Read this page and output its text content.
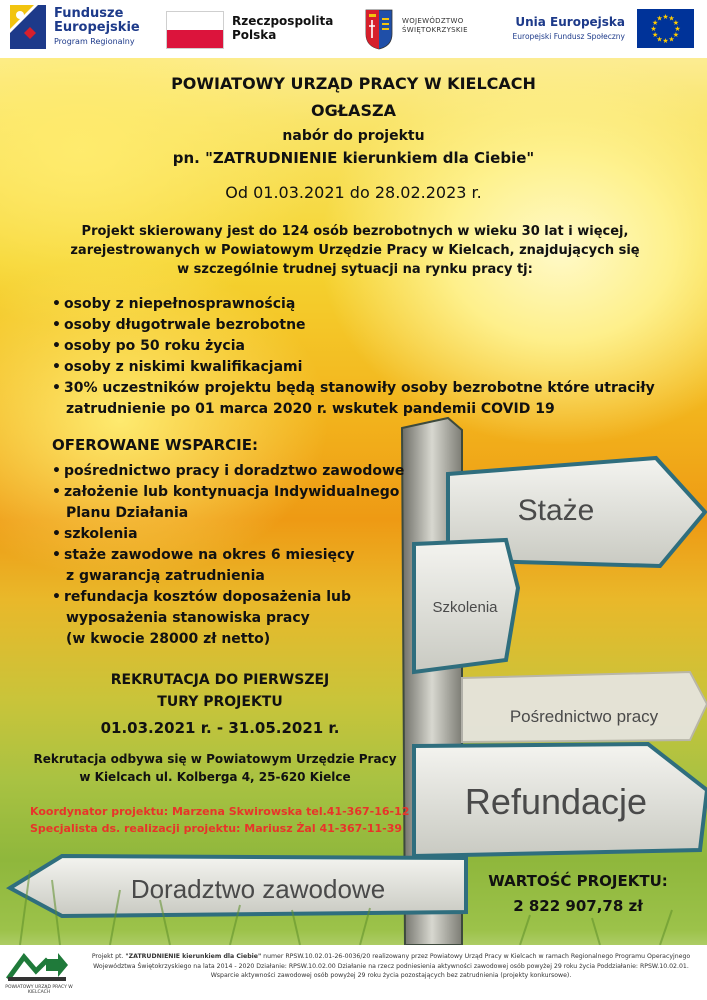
Fundusze
Europejskie
Program Regionalny
Rzeczpospolita
Polska
WOJEWÓDZTWO
ŚWIĘTOKRZYSKIE
Unia Europejska
Europejski Fundusz Społeczny
★ ★
★
★
★
★
★
★
★
★
★
★
Staże
Szkolenia
Pośrednictwo pracy
Refundacje
Doradztwo zawodowe
POWIATOWY URZĄD PRACY W KIELCACH
OGŁASZA
nabór do projektu
pn. "ZATRUDNIENIE kierunkiem dla Ciebie"
Od 01.03.2021 do 28.02.2023 r.
Projekt skierowany jest do 124 osób bezrobotnych w wieku 30 lat i więcej,
zarejestrowanych w Powiatowym Urzędzie Pracy w Kielcach, znajdujących się
w szczególnie trudnej sytuacji na rynku pracy tj:
• osoby z niepełnosprawnością
• osoby długotrwale bezrobotne
• osoby po 50 roku życia
• osoby z niskimi kwalifikacjami
• 30% uczestników projektu będą stanowiły osoby bezrobotne które utraciły
zatrudnienie po 01 marca 2020 r. wskutek pandemii COVID 19
OFEROWANE WSPARCIE:
• pośrednictwo pracy i doradztwo zawodowe
• założenie lub kontynuacja Indywidualnego
Planu Działania
• szkolenia
• staże zawodowe na okres 6 miesięcy
z gwarancją zatrudnienia
• refundacja kosztów doposażenia lub
wyposażenia stanowiska pracy
(w kwocie 28000 zł netto)
REKRUTACJA DO PIERWSZEJ
TURY PROJEKTU
01.03.2021 r. - 31.05.2021 r.
Rekrutacja odbywa się w Powiatowym Urzędzie Pracy
w Kielcach ul. Kolberga 4, 25-620 Kielce
Koordynator projektu: Marzena Skwirowska tel.41-367-16-12
Specjalista ds. realizacji projektu: Mariusz Żal 41-367-11-39
WARTOŚĆ PROJEKTU:
2 822 907,78 zł
POWIATOWY URZĄD PRACY W KIELCACH
Projekt pt. "ZATRUDNIENIE kierunkiem dla Ciebie" numer RPSW.10.02.01-26-0036/20 realizowany przez Powiatowy Urząd Pracy w Kielcach w ramach Regionalnego Programu Operacyjnego
Województwa Świętokrzyskiego na lata 2014 - 2020 Działanie: RPSW.10.02.00 Działanie na rzecz podniesienia aktywności zawodowej osób powyżej 29 roku życia Poddziałanie: RPSW.10.02.01.
Wsparcie aktywności zawodowej osób powyżej 29 roku życia pozostających bez zatrudnienia (projekty konkursowe).
